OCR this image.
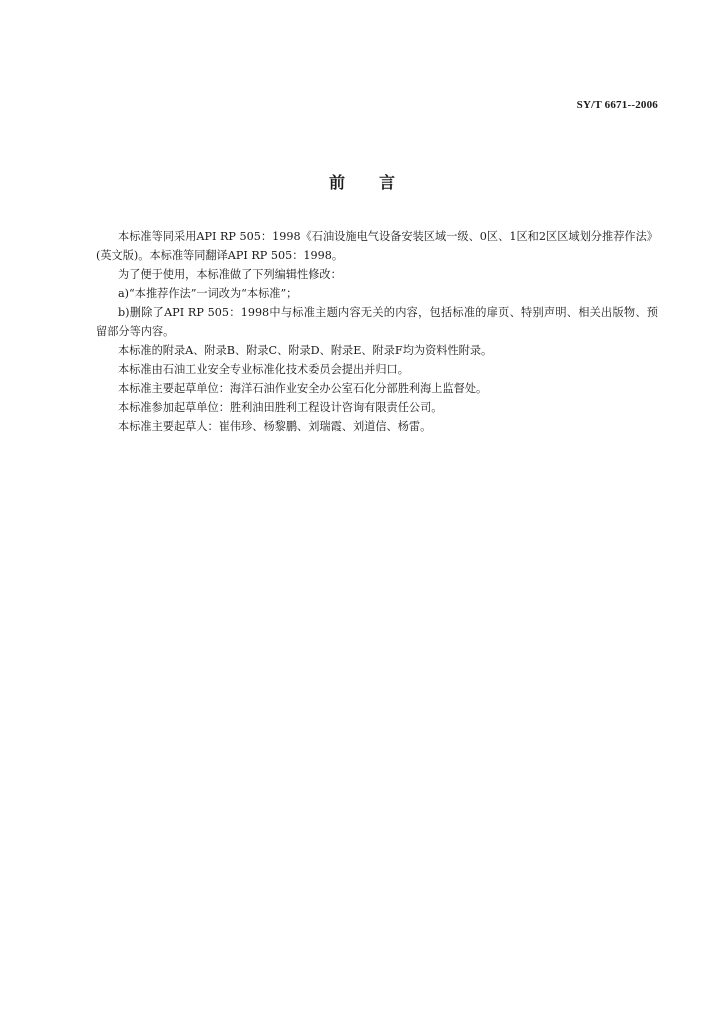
SY/T 6671--2006
前言

本标准等同采用API RP 505：1998《石油设施电气设备安装区域一级、0区、1区和2区区域划分推荐作法》(英文版)。本标准等同翻译API RP 505：1998。

为了便于使用，本标准做了下列编辑性修改：

a)“本推荐作法”一词改为“本标准”；

b)删除了API RP 505：1998中与标准主题内容无关的内容，包括标准的扉页、特别声明、相关出版物、预留部分等内容。

本标准的附录A、附录B、附录C、附录D、附录E、附录F均为资料性附录。

本标准由石油工业安全专业标准化技术委员会提出并归口。

本标准主要起草单位：海洋石油作业安全办公室石化分部胜利海上监督处。

本标准参加起草单位：胜利油田胜利工程设计咨询有限责任公司。

本标准主要起草人：崔伟珍、杨黎鹏、刘瑞霞、刘道信、杨雷。
